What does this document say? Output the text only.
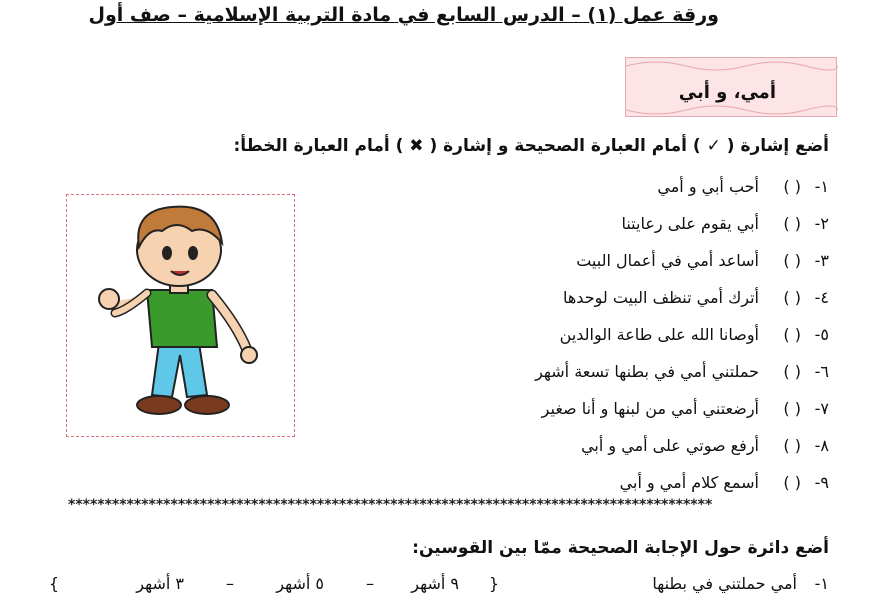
ورقة عمل (١) – الدرس السابع في مادة التربية الإسلامية – صف أول
أمي، و أبي
أضع إشارة ( ✓ ) أمام العبارة الصحيحة و إشارة ( ✖ ) أمام العبارة الخطأ:
١-
( )
أحب أبي و أمي
٢-
( )
أبي يقوم على رعايتنا
٣-
( )
أساعد أمي في أعمال البيت
٤-
( )
أترك أمي تنظف البيت لوحدها
٥-
( )
أوصانا الله على طاعة الوالدين
٦-
( )
حملتني أمي في بطنها تسعة أشهر
٧-
( )
أرضعتني أمي من لبنها و أنا صغير
٨-
( )
أرفع صوتي على أمي و أبي
٩-
( )
أسمع كلام أمي و أبي
****************************************************************************************
أضع دائرة حول الإجابة الصحيحة ممّا بين القوسين:
١-
أمي حملتني في بطنها
{
٩ أشهر
–
٥ أشهر
–
٣ أشهر
}
